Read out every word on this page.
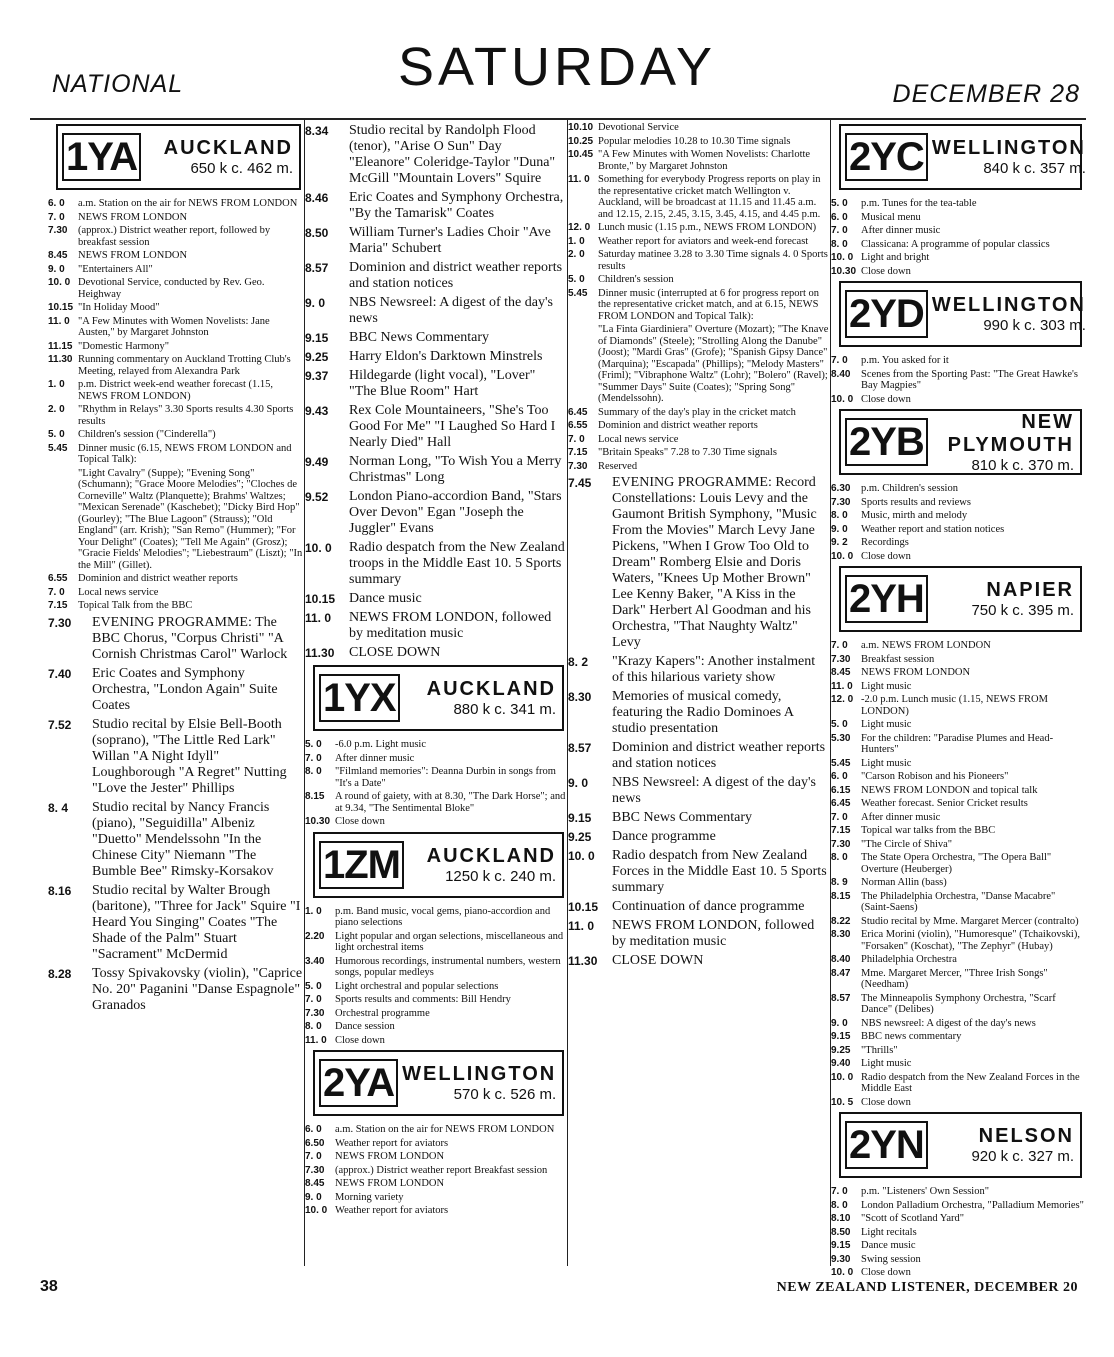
NATIONAL	SATURDAY	DECEMBER 28
1YA	AUCKLAND
650 k c. 462 m.
6. 0	a.m. Station on the air for NEWS FROM LONDON
7. 0	NEWS FROM LONDON
7.30	(approx.) District weather report, followed by breakfast session
8.45	NEWS FROM LONDON
9. 0	"Entertainers All"
10. 0 Devotional Service, conducted by Rev. Geo. Heighway
10.15 "In Holiday Mood"
11. 0 "A Few Minutes with Women Novelists: Jane Austen," by Margaret Johnston
11.15 "Domestic Harmony"
11.30 Running commentary on Auckland Trotting Club's Meeting, relayed from Alexandra Park
1. 0	p.m. District week-end weather forecast (1.15, NEWS FROM LONDON)
2. 0	"Rhythm in Relays" 3.30 Sports results 4.30 Sports results
5. 0	Children's session ("Cinderella")
5.45	Dinner music (6.15, NEWS FROM LONDON and Topical Talk):
"Light Cavalry" (Suppe); "Evening Song" (Schumann); "Grace Moore Melodies"; "Cloches de Corneville" Waltz (Planquette); Brahms' Waltzes; "Mexican Serenade" (Kaschebet); "Dicky Bird Hop" (Gourley); "The Blue Lagoon" (Strauss); "Old England" (arr. Krish); "San Remo" (Hummer); "For Your Delight" (Coates); "Tell Me Again" (Grosz); "Gracie Fields' Melodies"; "Liebestraum" (Liszt); "In the Mill" (Gillet).
6.55	Dominion and district weather reports
7. 0	Local news service
7.15	Topical Talk from the BBC
7.30	EVENING PROGRAMME: The BBC Chorus, "Corpus Christi" "A Cornish Christmas Carol" Warlock
7.40	Eric Coates and Symphony Orchestra, "London Again" Suite Coates
7.52	Studio recital by Elsie Bell-Booth (soprano), "The Little Red Lark" Willan "A Night Idyll" Loughborough "A Regret" Nutting "Love the Jester" Phillips
8. 4	Studio recital by Nancy Francis (piano), "Seguidilla" Albeniz "Duetto" Mendelssohn "In the Chinese City" Niemann "The Bumble Bee" Rimsky-Korsakov
8.16	Studio recital by Walter Brough (baritone), "Three for Jack" Squire "I Heard You Singing" Coates "The Shade of the Palm" Stuart "Sacrament" McDermid
8.28	Tossy Spivakovsky (violin), "Caprice No. 20" Paganini "Danse Espagnole" Granados
8.34	Studio recital by Randolph Flood (tenor), "Arise O Sun" Day "Eleanore" Coleridge-Taylor "Duna" McGill "Mountain Lovers" Squire
8.46	Eric Coates and Symphony Orchestra, "By the Tamarisk" Coates
8.50	William Turner's Ladies Choir "Ave Maria" Schubert
8.57	Dominion and district weather reports and station notices
9. 0	NBS Newsreel: A digest of the day's news
9.15	BBC News Commentary
9.25	Harry Eldon's Darktown Minstrels
9.37	Hildegarde (light vocal), "Lover" "The Blue Room" Hart
9.43	Rex Cole Mountaineers, "She's Too Good For Me" "I Laughed So Hard I Nearly Died" Hall
9.49	Norman Long, "To Wish You a Merry Christmas" Long
9.52	London Piano-accordion Band, "Stars Over Devon" Egan "Joseph the Juggler" Evans
10. 0	Radio despatch from the New Zealand troops in the Middle East 10. 5 Sports summary
10.15 Dance music
11. 0	NEWS FROM LONDON, followed by meditation music
11.30	CLOSE DOWN
1YX	AUCKLAND
880 k c. 341 m.
5. 0	-6.0 p.m. Light music
7. 0	After dinner music
8. 0	"Filmland memories": Deanna Durbin in songs from "It's a Date"
8.15	A round of gaiety, with at 8.30, "The Dark Horse"; and at 9.34, "The Sentimental Bloke"
10.30 Close down
1ZM	AUCKLAND
1250 k c. 240 m.
1. 0	p.m. Band music, vocal gems, piano-accordion and piano selections
2.20	Light popular and organ selections, miscellaneous and light orchestral items
3.40	Humorous recordings, instrumental numbers, western songs, popular medleys
5. 0	Light orchestral and popular selections
7. 0	Sports results and comments: Bill Hendry
7.30	Orchestral programme
8. 0	Dance session
11. 0 Close down
2YA WELLINGTON
570 k c. 526 m.
6. 0	a.m. Station on the air for NEWS FROM LONDON
6.50	Weather report for aviators
7. 0	NEWS FROM LONDON
7.30	(approx.) District weather report Breakfast session
8.45	NEWS FROM LONDON
9. 0	Morning variety
10. 0 Weather report for aviators
10.10 Devotional Service
10.25 Popular melodies 10.28 to 10.30 Time signals
10.45 "A Few Minutes with Women Novelists: Charlotte Bronte," by Margaret Johnston
11. 0 Something for everybody Progress reports on play in the representative cricket match Wellington v. Auckland, will be broadcast at 11.15 and 11.45 a.m. and 12.15, 2.15, 2.45, 3.15, 3.45, 4.15, and 4.45 p.m.
12. 0 Lunch music (1.15 p.m., NEWS FROM LONDON)
1. 0	Weather report for aviators and week-end forecast
2. 0	Saturday matinee 3.28 to 3.30 Time signals 4. 0 Sports results
5. 0	Children's session
5.45	Dinner music (interrupted at 6 for progress report on the representative cricket match, and at 6.15, NEWS FROM LONDON and Topical Talk):
"La Finta Giardiniera" Overture (Mozart); "The Knave of Diamonds" (Steele); "Strolling Along the Danube" (Joost); "Mardi Gras" (Grofe); "Spanish Gipsy Dance" (Marquina); "Escapada" (Phillips); "Melody Masters" (Friml); "Vibraphone Waltz" (Lohr); "Bolero" (Ravel); "Summer Days" Suite (Coates); "Spring Song" (Mendelssohn).
6.45	Summary of the day's play in the cricket match
6.55	Dominion and district weather reports
7. 0	Local news service
7.15	"Britain Speaks" 7.28 to 7.30 Time signals
7.30	Reserved
7.45	EVENING PROGRAMME: Record Constellations: Louis Levy and the Gaumont British Symphony, "Music From the Movies" March Levy Jane Pickens, "When I Grow Too Old to Dream" Romberg Elsie and Doris Waters, "Knees Up Mother Brown" Lee Kenny Baker, "A Kiss in the Dark" Herbert Al Goodman and his Orchestra, "That Naughty Waltz" Levy
8. 2	"Krazy Kapers": Another instalment of this hilarious variety show
8.30	Memories of musical comedy, featuring the Radio Dominoes A studio presentation
8.57	Dominion and district weather reports and station notices
9. 0	NBS Newsreel: A digest of the day's news
9.15	BBC News Commentary
9.25	Dance programme
10. 0	Radio despatch from New Zealand Forces in the Middle East 10. 5 Sports summary
10.15 Continuation of dance programme
11. 0	NEWS FROM LONDON, followed by meditation music
11.30	CLOSE DOWN
2YC WELLINGTON
840 k c. 357 m.
5. 0	p.m. Tunes for the tea-table
6. 0	Musical menu
7. 0	After dinner music
8. 0	Classicana: A programme of popular classics
10. 0 Light and bright
10.30 Close down
2YD WELLINGTON
990 k c. 303 m.
7. 0	p.m. You asked for it
8.40	Scenes from the Sporting Past: "The Great Hawke's Bay Magpies"
10. 0 Close down
2YB	NEW PLYMOUTH
810 k c. 370 m.
6.30	p.m. Children's session
7.30	Sports results and reviews
8. 0	Music, mirth and melody
9. 0	Weather report and station notices
9. 2	Recordings
10. 0 Close down
2YH	NAPIER
750 k c. 395 m.
7. 0	a.m. NEWS FROM LONDON
7.30	Breakfast session
8.45	NEWS FROM LONDON
11. 0 Light music
12. 0 -2.0 p.m. Lunch music (1.15, NEWS FROM LONDON)
5. 0	Light music
5.30	For the children: "Paradise Plumes and Head-Hunters"
5.45	Light music
6. 0	"Carson Robison and his Pioneers"
6.15	NEWS FROM LONDON and topical talk
6.45	Weather forecast. Senior Cricket results
7. 0	After dinner music
7.15	Topical war talks from the BBC
7.30	"The Circle of Shiva"
8. 0	The State Opera Orchestra, "The Opera Ball" Overture (Heuberger)
8. 9	Norman Allin (bass)
8.15	The Philadelphia Orchestra, "Danse Macabre" (Saint-Saens)
8.22	Studio recital by Mme. Margaret Mercer (contralto)
8.30	Erica Morini (violin), "Humoresque" (Tchaikovski), "Forsaken" (Koschat), "The Zephyr" (Hubay)
8.40	Philadelphia Orchestra
8.47	Mme. Margaret Mercer, "Three Irish Songs" (Needham)
8.57	The Minneapolis Symphony Orchestra, "Scarf Dance" (Delibes)
9. 0	NBS newsreel: A digest of the day's news
9.15	BBC news commentary
9.25	"Thrills"
9.40	Light music
10. 0 Radio despatch from the New Zealand Forces in the Middle East
10. 5 Close down
2YN	NELSON
920 k c. 327 m.
7. 0	p.m. "Listeners' Own Session"
8. 0	London Palladium Orchestra, "Palladium Memories"
8.10	"Scott of Scotland Yard"
8.50	Light recitals
9.15	Dance music
9.30	Swing session
10. 0 Close down
38	NEW ZEALAND LISTENER, DECEMBER 20
